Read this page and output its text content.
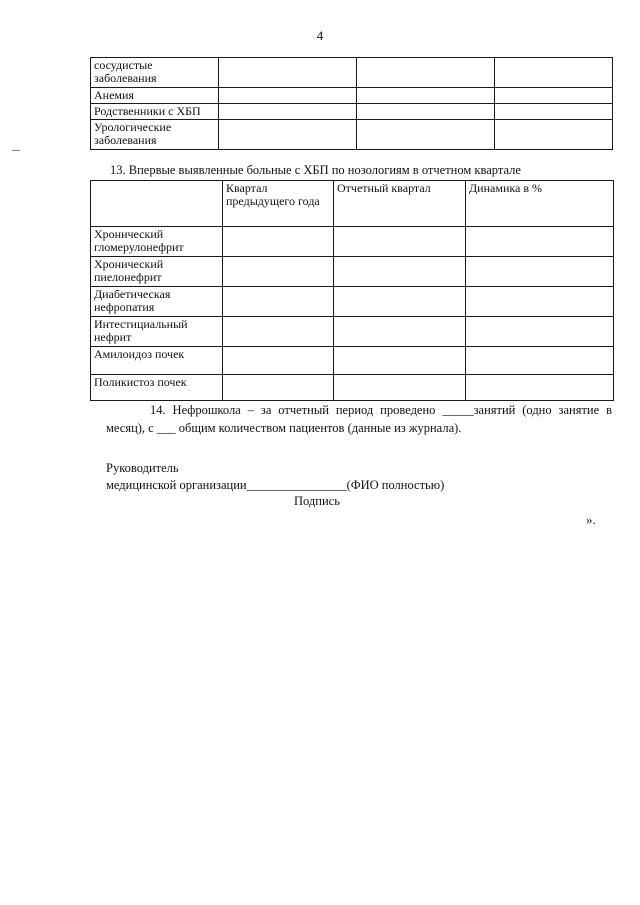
4
сосудистые заболевания			
Анемия			
Родственники с ХБП			
Урологические заболевания			
13. Впервые выявленные больные с ХБП по нозологиям в отчетном квартале
	Квартал предыдущего года	Отчетный квартал	Динамика в %
Хронический гломерулонефрит			
Хронический пиелонефрит			
Диабетическая нефропатия			
Интестициальный нефрит			
Амилоидоз почек			
Поликистоз почек			
14. Нефрошкола – за отчетный период проведено _____занятий (одно занятие в месяц), с ___ общим количеством пациентов (данные из журнала).
Руководитель
медицинской организации________________(ФИО полностью)
Подпись
».
